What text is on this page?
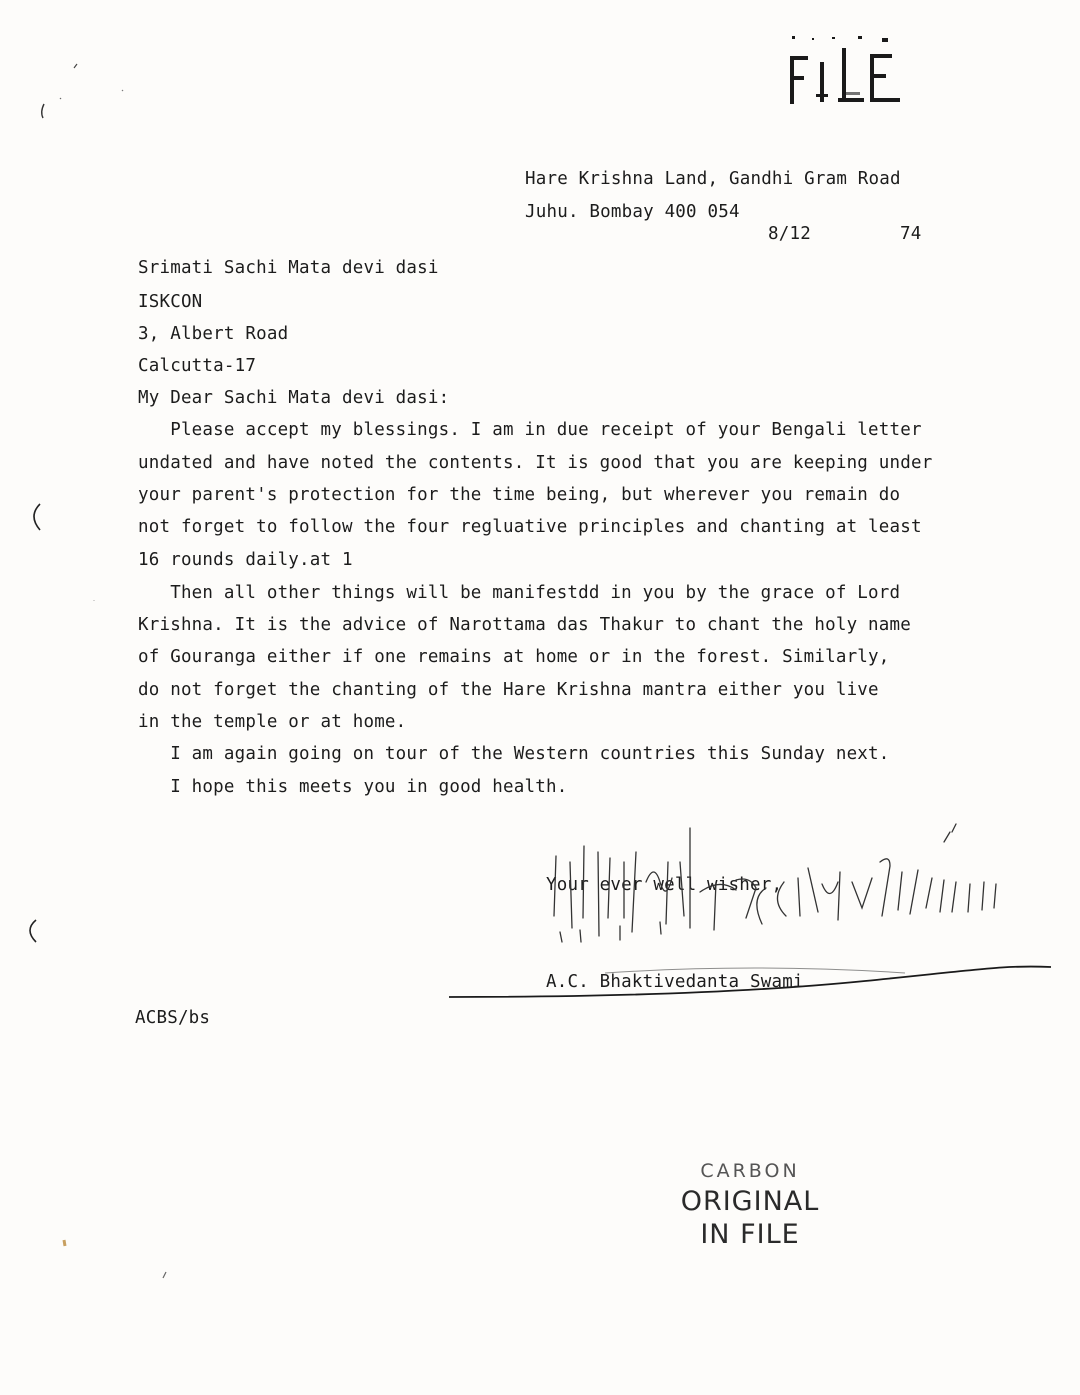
Hare Krishna Land, Gandhi Gram Road
Juhu. Bombay 400 054
8/12	74
Srimati Sachi Mata devi dasi
ISKCON
3, Albert Road
Calcutta-17
My Dear Sachi Mata devi dasi:
Please accept my blessings. I am in due receipt of your Bengali letter
undated and have noted the contents. It is good that you are keeping under
your parent's protection for the time being, but wherever you remain do
not forget to follow the four regluative principles and chanting at least
16 rounds daily.at 1
Then all other things will be manifestdd in you by the grace of Lord
Krishna. It is the advice of Narottama das Thakur to chant the holy name
of Gouranga either if one remains at home or in the forest. Similarly,
do not forget the chanting of the Hare Krishna mantra either you live
in the temple or at home.
I am again going on tour of the Western countries this Sunday next.
I hope this meets you in good health.
Your ever well wisher,
A.C. Bhaktivedanta Swami
ACBS/bs
CARBON
ORIGINAL
IN FILE
